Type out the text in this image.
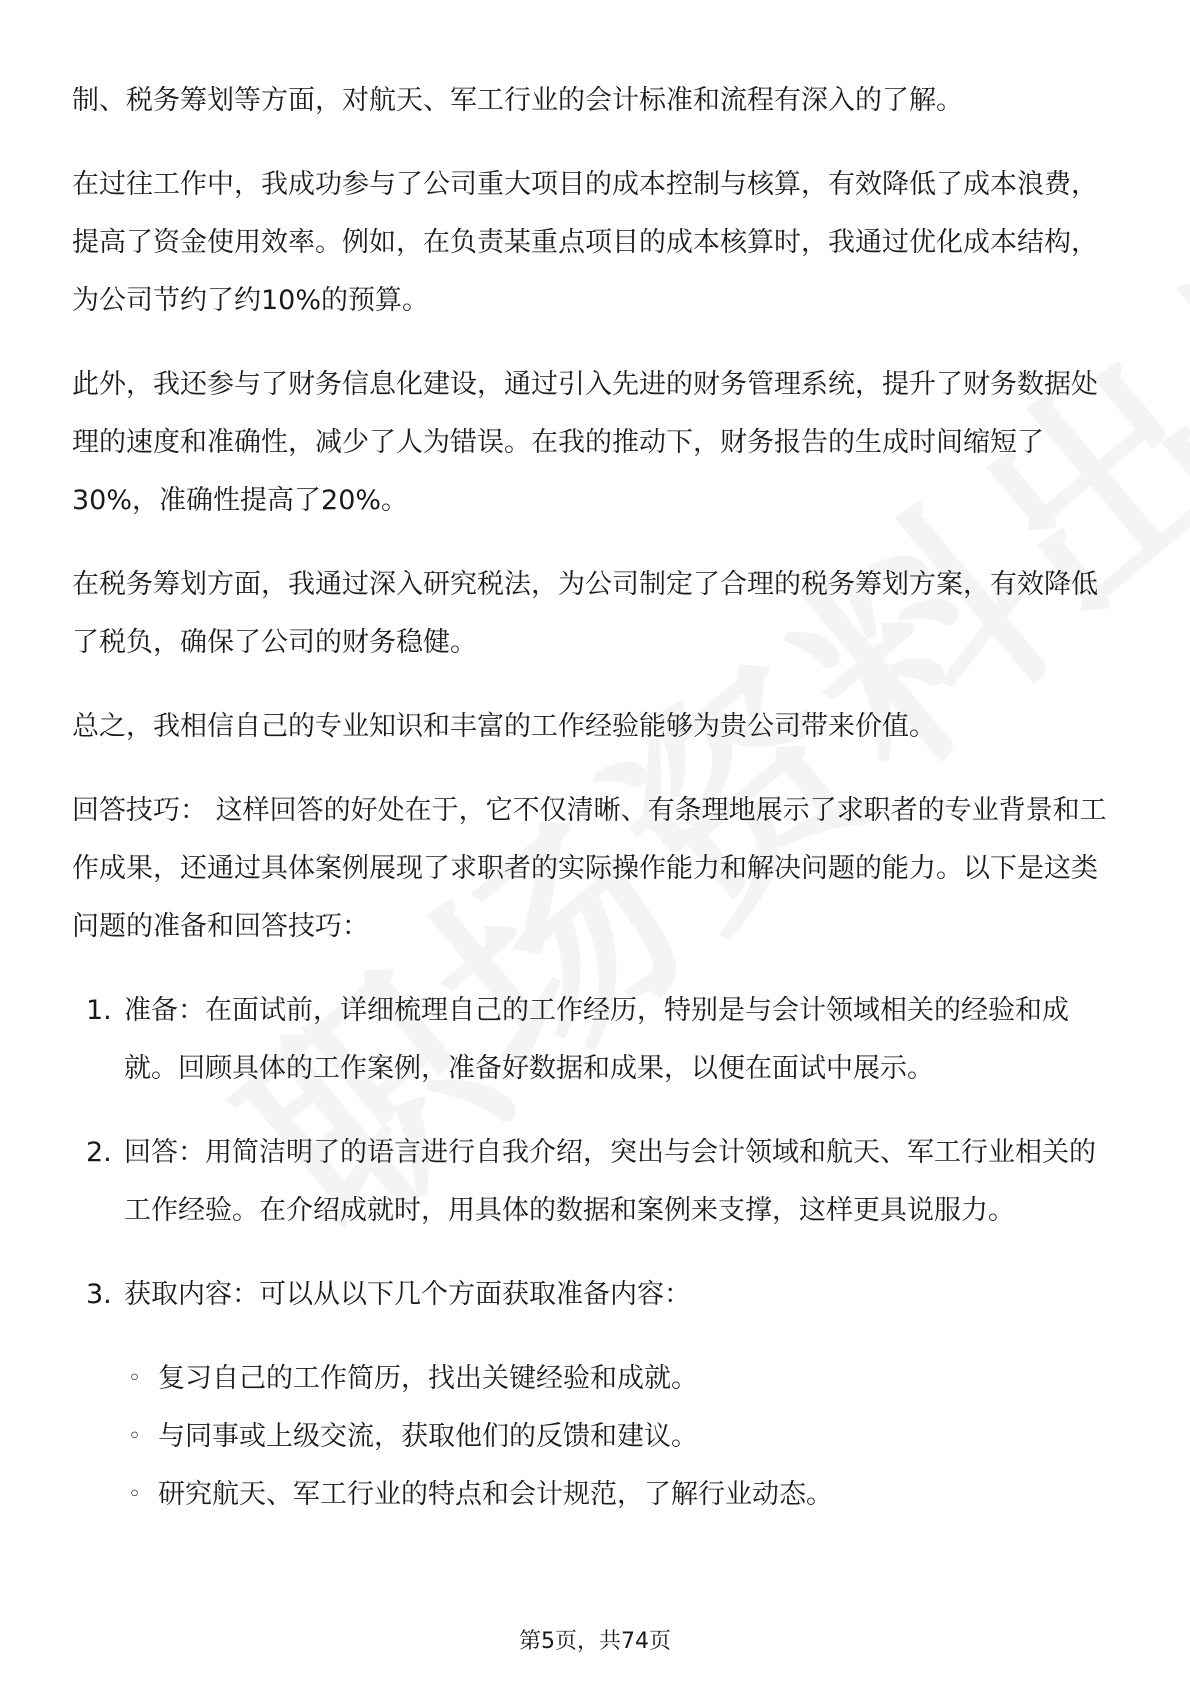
制、税务筹划等方面，对航天、军工行业的会计标准和流程有深入的了解。

在过往工作中，我成功参与了公司重大项目的成本控制与核算，有效降低了成本浪费，提高了资金使用效率。例如，在负责某重点项目的成本核算时，我通过优化成本结构，为公司节约了约10%的预算。

此外，我还参与了财务信息化建设，通过引入先进的财务管理系统，提升了财务数据处理的速度和准确性，减少了人为错误。在我的推动下，财务报告的生成时间缩短了30%，准确性提高了20%。

在税务筹划方面，我通过深入研究税法，为公司制定了合理的税务筹划方案，有效降低了税负，确保了公司的财务稳健。

总之，我相信自己的专业知识和丰富的工作经验能够为贵公司带来价值。

回答技巧： 这样回答的好处在于，它不仅清晰、有条理地展示了求职者的专业背景和工作成果，还通过具体案例展现了求职者的实际操作能力和解决问题的能力。以下是这类问题的准备和回答技巧：

1. 准备：在面试前，详细梳理自己的工作经历，特别是与会计领域相关的经验和成就。回顾具体的工作案例，准备好数据和成果，以便在面试中展示。
2. 回答：用简洁明了的语言进行自我介绍，突出与会计领域和航天、军工行业相关的工作经验。在介绍成就时，用具体的数据和案例来支撑，这样更具说服力。
3. 获取内容：可以从以下几个方面获取准备内容：
◦ 复习自己的工作简历，找出关键经验和成就。
◦ 与同事或上级交流，获取他们的反馈和建议。
◦ 研究航天、军工行业的特点和会计规范，了解行业动态。
第5页，共74页
